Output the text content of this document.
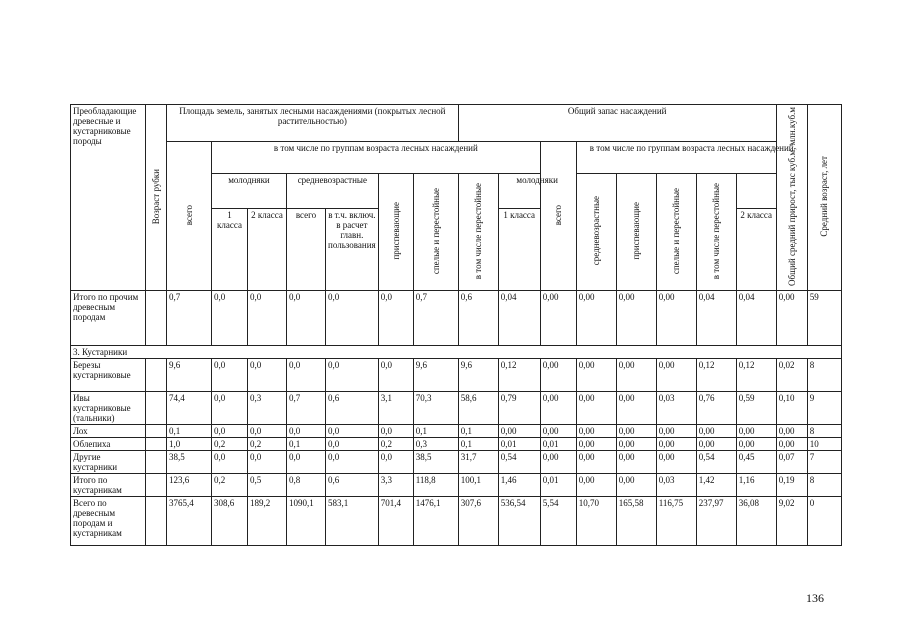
Преобладающие древесные и кустарниковые породы	Возраст рубки	Площадь земель, занятых лесными насаждениями (покрытых лесной растительностью)							Общий запас насаждений								Общий средний прирост, тыс куб.м, млн.куб.м	Средний возраст, лет
		всего	в том числе по группам возраста лесных насаждений								всего	в том числе по группам возраста лесных насаждений						
			молодняки		средневозрастные		приспевающие	спелые и перестойные	в том числе перестойные	молодняки		средневозрастные	приспевающие	спелые и перестойные	в том числе перестойные			
			1 класса	2 класса	всего	в т.ч. включ. в расчет главн. пользования				1 класса						2 класса		
Итого по прочим древесным породам		0,7	0,0	0,0	0,0	0,0	0,0	0,7	0,6	0,04	0,00	0,00	0,00	0,00	0,04	0,04	0,00	59
3. Кустарники																		
Березы кустарниковые		9,6	0,0	0,0	0,0	0,0	0,0	9,6	9,6	0,12	0,00	0,00	0,00	0,00	0,12	0,12	0,02	8
Ивы кустарниковые (тальники)		74,4	0,0	0,3	0,7	0,6	3,1	70,3	58,6	0,79	0,00	0,00	0,00	0,03	0,76	0,59	0,10	9
Лох		0,1	0,0	0,0	0,0	0,0	0,0	0,1	0,1	0,00	0,00	0,00	0,00	0,00	0,00	0,00	0,00	8
Облепиха		1,0	0,2	0,2	0,1	0,0	0,2	0,3	0,1	0,01	0,01	0,00	0,00	0,00	0,00	0,00	0,00	10
Другие кустарники		38,5	0,0	0,0	0,0	0,0	0,0	38,5	31,7	0,54	0,00	0,00	0,00	0,00	0,54	0,45	0,07	7
Итого по кустарникам		123,6	0,2	0,5	0,8	0,6	3,3	118,8	100,1	1,46	0,01	0,00	0,00	0,03	1,42	1,16	0,19	8
Всего по древесным породам и кустарникам		3765,4	308,6	189,2	1090,1	583,1	701,4	1476,1	307,6	536,54	5,54	10,70	165,58	116,75	237,97	36,08	9,02	0
136
